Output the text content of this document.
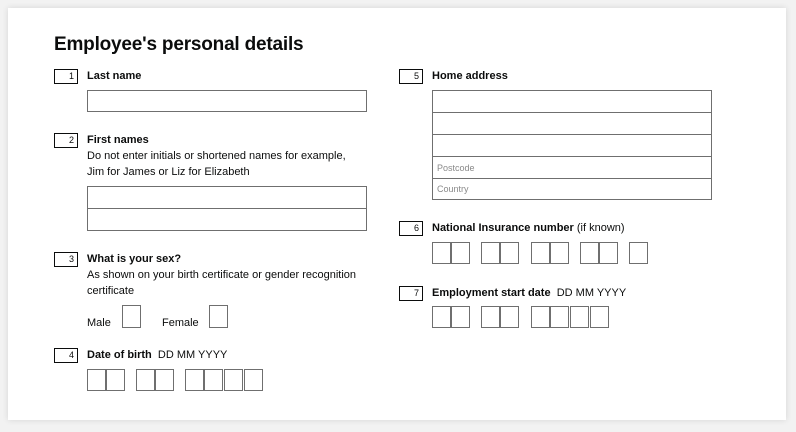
Employee's personal details
1	Last name
2	First names
Do not enter initials or shortened names for example,
Jim for James or Liz for Elizabeth
3	What is your sex?
As shown on your birth certificate or gender recognition
certificate
Male	Female
4	Date of birth DD MM YYYY
5	Home address
Postcode
Country
6	National Insurance number (if known)
7	Employment start date DD MM YYYY
